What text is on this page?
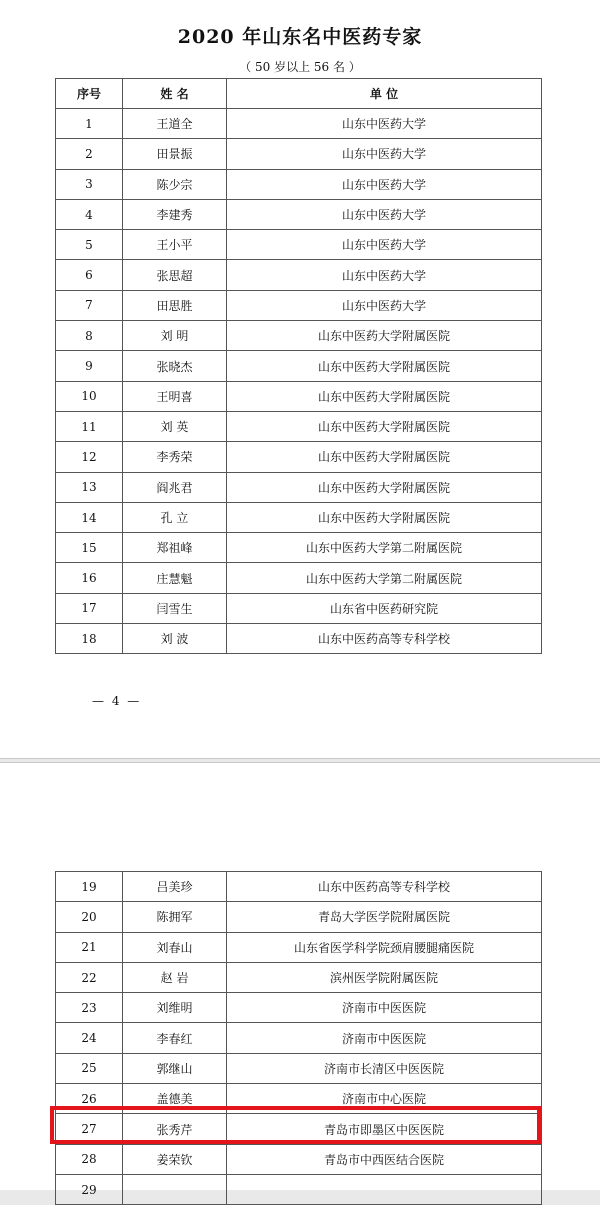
2020 年山东名中医药专家
（ 50 岁以上 56 名 ）
序号	姓 名	单 位
1	王道全	山东中医药大学
2	田景振	山东中医药大学
3	陈少宗	山东中医药大学
4	李建秀	山东中医药大学
5	王小平	山东中医药大学
6	张思超	山东中医药大学
7	田思胜	山东中医药大学
8	刘 明	山东中医药大学附属医院
9	张晓杰	山东中医药大学附属医院
10	王明喜	山东中医药大学附属医院
11	刘 英	山东中医药大学附属医院
12	李秀荣	山东中医药大学附属医院
13	阎兆君	山东中医药大学附属医院
14	孔 立	山东中医药大学附属医院
15	郑祖峰	山东中医药大学第二附属医院
16	庄慧魁	山东中医药大学第二附属医院
17	闫雪生	山东省中医药研究院
18	刘 波	山东中医药高等专科学校
— 4 —
19	吕美珍	山东中医药高等专科学校
20	陈拥军	青岛大学医学院附属医院
21	刘春山	山东省医学科学院颈肩腰腿痛医院
22	赵 岩	滨州医学院附属医院
23	刘维明	济南市中医医院
24	李春红	济南市中医医院
25	郭继山	济南市长清区中医医院
26	盖德美	济南市中心医院
27	张秀芹	青岛市即墨区中医医院
28	姜荣钦	青岛市中西医结合医院
29		
